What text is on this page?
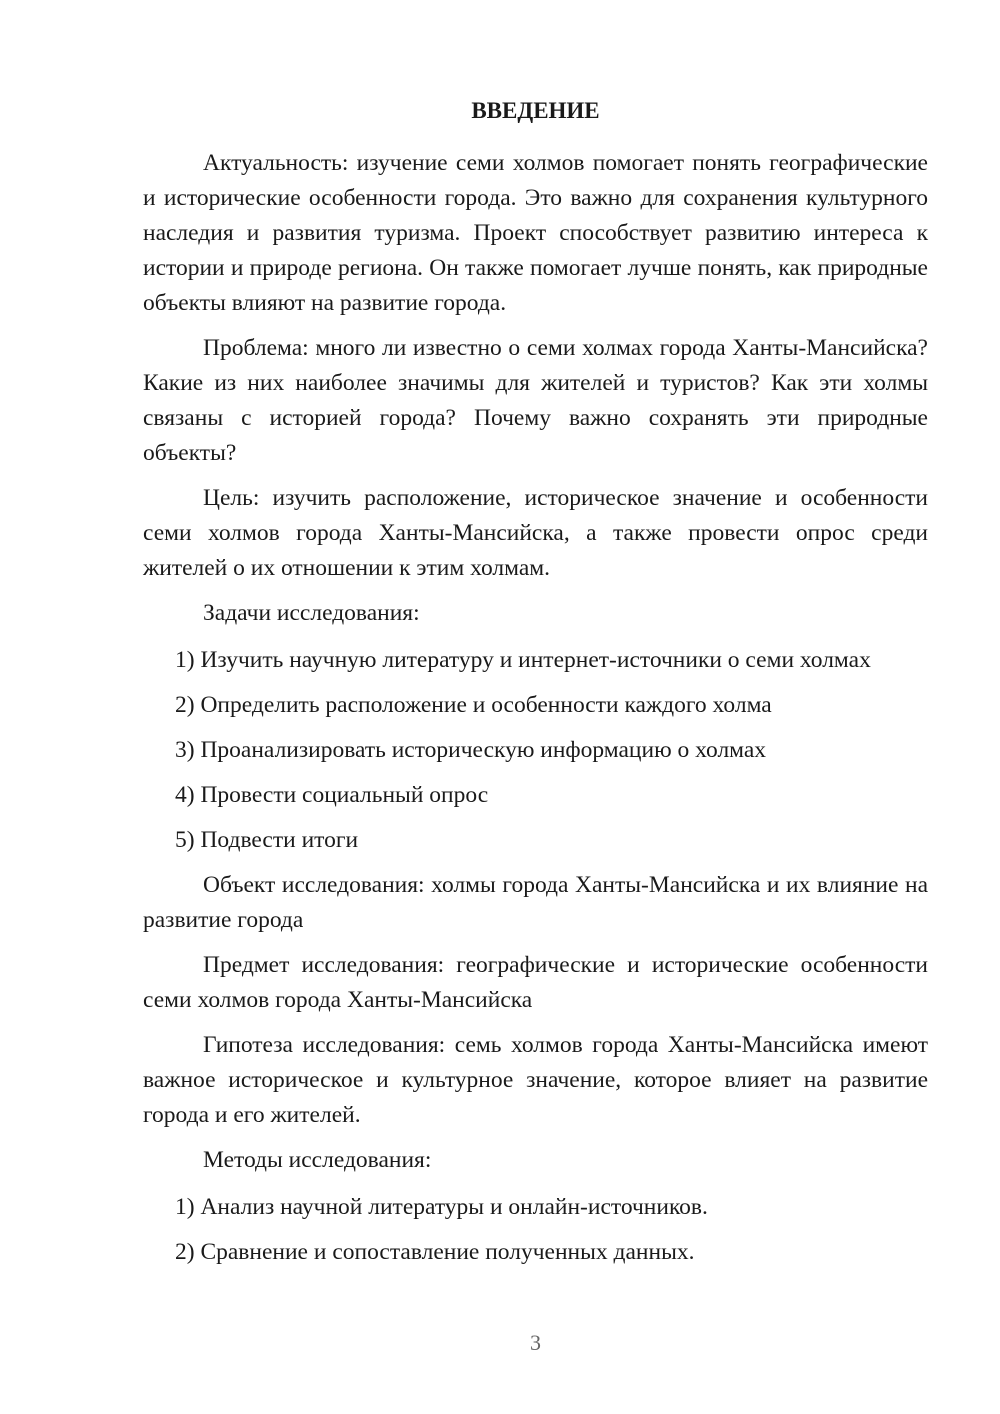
ВВЕДЕНИЕ

Актуальность: изучение семи холмов помогает понять географические и исторические особенности города. Это важно для сохранения культурного наследия и развития туризма. Проект способствует развитию интереса к истории и природе региона. Он также помогает лучше понять, как природные объекты влияют на развитие города.

Проблема: много ли известно о семи холмах города Ханты-Мансийска? Какие из них наиболее значимы для жителей и туристов? Как эти холмы связаны с историей города? Почему важно сохранять эти природные объекты?

Цель: изучить расположение, историческое значение и особенности семи холмов города Ханты-Мансийска, а также провести опрос среди жителей о их отношении к этим холмам.

Задачи исследования:

1) Изучить научную литературу и интернет-источники о семи холмах
2) Определить расположение и особенности каждого холма
3) Проанализировать историческую информацию о холмах
4) Провести социальный опрос
5) Подвести итоги

Объект исследования: холмы города Ханты-Мансийска и их влияние на развитие города

Предмет исследования: географические и исторические особенности семи холмов города Ханты-Мансийска

Гипотеза исследования: семь холмов города Ханты-Мансийска имеют важное историческое и культурное значение, которое влияет на развитие города и его жителей.

Методы исследования:

1) Анализ научной литературы и онлайн-источников.
2) Сравнение и сопоставление полученных данных.
3
